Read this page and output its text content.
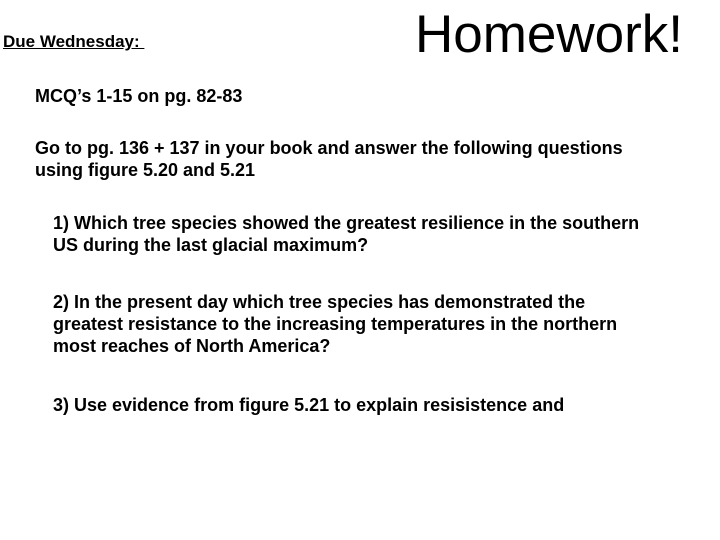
Due Wednesday:	Homework!
MCQ’s 1-15 on pg. 82-83
Go to pg. 136 + 137 in your book and answer the following questions
using figure 5.20 and 5.21
1) Which tree species showed the greatest resilience in the southern
US during the last glacial maximum?
2) In the present day which tree species has demonstrated the
greatest resistance to the increasing temperatures in the northern
most reaches of North America?
3) Use evidence from figure 5.21 to explain resisistence and
